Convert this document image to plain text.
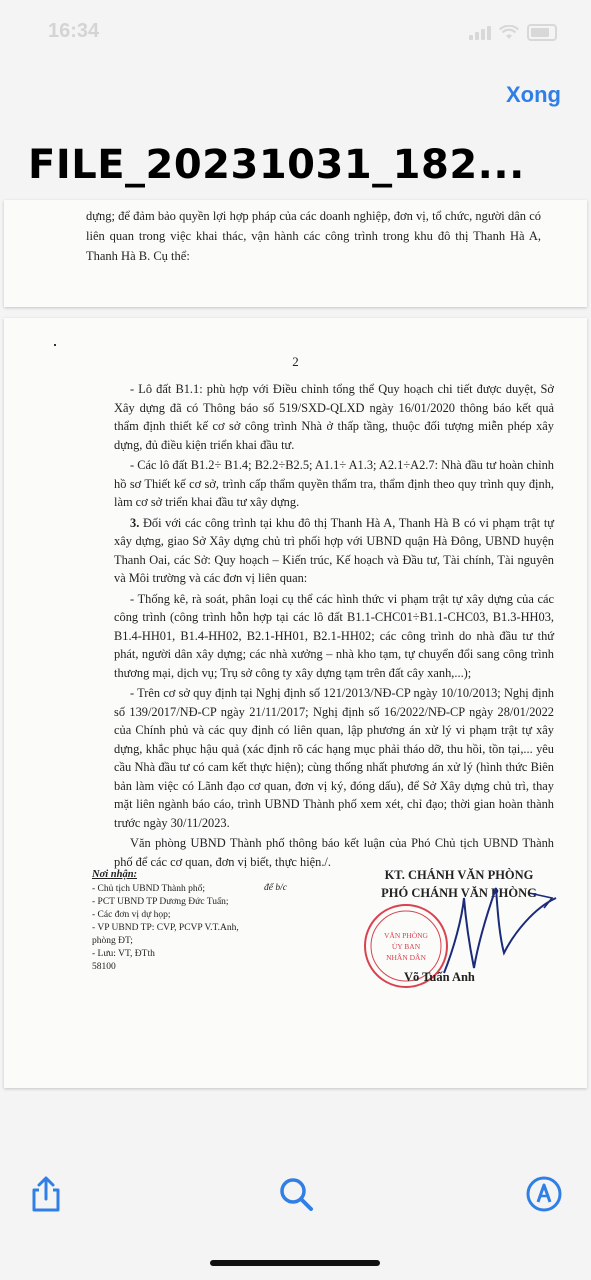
16:34
Xong
FILE_20231031_182...
dựng; để đảm bảo quyền lợi hợp pháp của các doanh nghiệp, đơn vị, tổ chức, người dân có liên quan trong việc khai thác, vận hành các công trình trong khu đô thị Thanh Hà A, Thanh Hà B. Cụ thể:
2

- Lô đất B1.1: phù hợp với Điều chỉnh tổng thể Quy hoạch chi tiết được duyệt, Sở Xây dựng đã có Thông báo số 519/SXD-QLXD ngày 16/01/2020 thông báo kết quả thẩm định thiết kế cơ sở công trình Nhà ở thấp tầng, thuộc đối tượng miễn phép xây dựng, đủ điều kiện triển khai đầu tư.

- Các lô đất B1.2÷ B1.4; B2.2÷B2.5; A1.1÷ A1.3; A2.1÷A2.7: Nhà đầu tư hoàn chỉnh hồ sơ Thiết kế cơ sở, trình cấp thẩm quyền thẩm tra, thẩm định theo quy trình quy định, làm cơ sở triển khai đầu tư xây dựng.

3. Đối với các công trình tại khu đô thị Thanh Hà A, Thanh Hà B có vi phạm trật tự xây dựng, giao Sở Xây dựng chủ trì phối hợp với UBND quận Hà Đông, UBND huyện Thanh Oai, các Sở: Quy hoạch – Kiến trúc, Kế hoạch và Đầu tư, Tài chính, Tài nguyên và Môi trường và các đơn vị liên quan:

- Thống kê, rà soát, phân loại cụ thể các hình thức vi phạm trật tự xây dựng của các công trình (công trình hỗn hợp tại các lô đất B1.1-CHC01÷B1.1-CHC03, B1.3-HH03, B1.4-HH01, B1.4-HH02, B2.1-HH01, B2.1-HH02; các công trình do nhà đầu tư thứ phát, người dân xây dựng; các nhà xưởng – nhà kho tạm, tự chuyển đổi sang công trình thương mại, dịch vụ; Trụ sở công ty xây dựng tạm trên đất cây xanh,...);

- Trên cơ sở quy định tại Nghị định số 121/2013/NĐ-CP ngày 10/10/2013; Nghị định số 139/2017/NĐ-CP ngày 21/11/2017; Nghị định số 16/2022/NĐ-CP ngày 28/01/2022 của Chính phủ và các quy định có liên quan, lập phương án xử lý vi phạm trật tự xây dựng, khắc phục hậu quả (xác định rõ các hạng mục phải tháo dỡ, thu hồi, tồn tại,... yêu cầu Nhà đầu tư có cam kết thực hiện); cùng thống nhất phương án xử lý (hình thức Biên bản làm việc có Lãnh đạo cơ quan, đơn vị ký, đóng dấu), để Sở Xây dựng chủ trì, thay mặt liên ngành báo cáo, trình UBND Thành phố xem xét, chỉ đạo; thời gian hoàn thành trước ngày 30/11/2023.

Văn phòng UBND Thành phố thông báo kết luận của Phó Chủ tịch UBND Thành phố để các cơ quan, đơn vị biết, thực hiện./.

Nơi nhận:
để b/c
- Chủ tịch UBND Thành phố;
- PCT UBND TP Dương Đức Tuấn;
- Các đơn vị dự họp;
- VP UBND TP: CVP, PCVP V.T.Anh,
phòng ĐT;
- Lưu: VT, ĐTth
58100
KT. CHÁNH VĂN PHÒNG
PHÓ CHÁNH VĂN PHÒNG
VĂN PHÒNG
ỦY BAN
NHÂN DÂN
Võ Tuấn Anh
